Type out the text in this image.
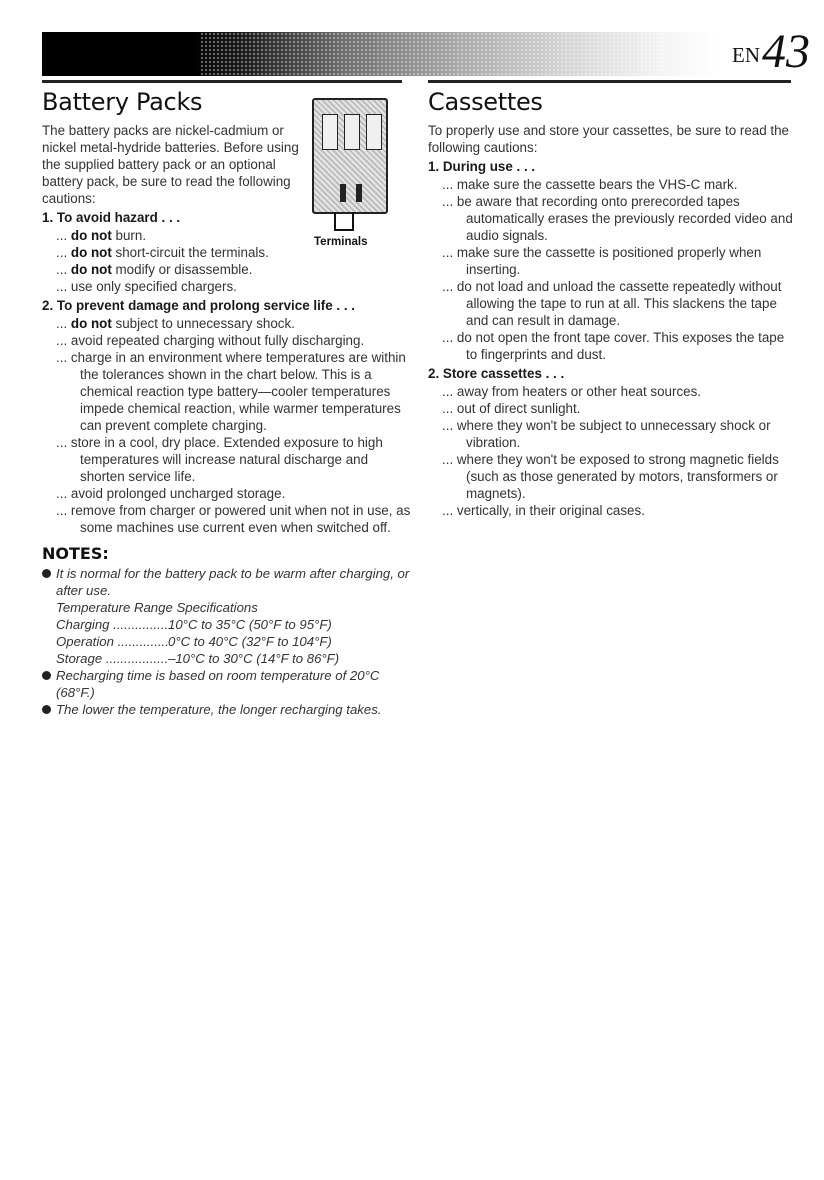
EN 43
Battery Packs

The battery packs are nickel-cadmium or nickel metal-hydride batteries. Before using the supplied battery pack or an optional battery pack, be sure to read the following cautions:

Terminals
1. To avoid hazard . . .
... do not burn.
... do not short-circuit the terminals.
... do not modify or disassemble.
... use only specified chargers.
2. To prevent damage and prolong service life . . .
... do not subject to unnecessary shock.
... avoid repeated charging without fully discharging.
... charge in an environment where temperatures are within the tolerances shown in the chart below. This is a chemical reaction type battery—cooler temperatures impede chemical reaction, while warmer temperatures can prevent complete charging.
... store in a cool, dry place. Extended exposure to high temperatures will increase natural discharge and shorten service life.
... avoid prolonged uncharged storage.
... remove from charger or powered unit when not in use, as some machines use current even when switched off.
NOTES:
It is normal for the battery pack to be warm after charging, or after use.
Temperature Range Specifications
Charging .....	10°C to 35°C (50°F to 95°F)
Operation .....	0°C to 40°C (32°F to 104°F)
Storage .....	–10°C to 30°C (14°F to 86°F)
Recharging time is based on room temperature of 20°C (68°F.)
The lower the temperature, the longer recharging takes.
Cassettes

To properly use and store your cassettes, be sure to read the following cautions:

1. During use . . .
... make sure the cassette bears the VHS-C mark.
... be aware that recording onto prerecorded tapes automatically erases the previously recorded video and audio signals.
... make sure the cassette is positioned properly when inserting.
... do not load and unload the cassette repeatedly without allowing the tape to run at all. This slackens the tape and can result in damage.
... do not open the front tape cover. This exposes the tape to fingerprints and dust.
2. Store cassettes . . .
... away from heaters or other heat sources.
... out of direct sunlight.
... where they won't be subject to unnecessary shock or vibration.
... where they won't be exposed to strong magnetic fields (such as those generated by motors, transformers or magnets).
... vertically, in their original cases.
